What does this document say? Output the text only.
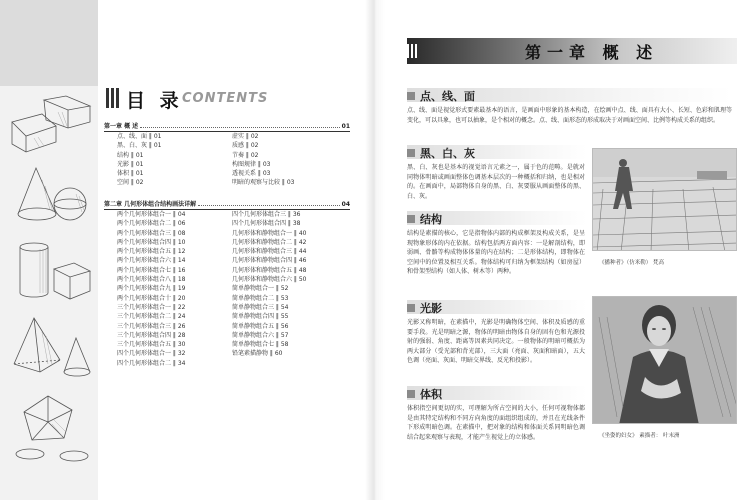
目 录 CONTENTS
第一章 概 述	01
点、线、面 ‖ 01
黑、白、灰 ‖ 01
结构 ‖ 01
光影 ‖ 01
体积 ‖ 01
空间 ‖ 02
虚实 ‖ 02
质感 ‖ 02
节奏 ‖ 02
构图规律 ‖ 03
透视关系 ‖ 03
明暗的观察与比较 ‖ 03
第二章 几何形体组合结构画法详解	04
两个几何形体组合一 ‖ 04
两个几何形体组合二 ‖ 06
两个几何形体组合三 ‖ 08
两个几何形体组合四 ‖ 10
两个几何形体组合五 ‖ 12
两个几何形体组合六 ‖ 14
两个几何形体组合七 ‖ 16
两个几何形体组合八 ‖ 18
两个几何形体组合九 ‖ 19
两个几何形体组合十 ‖ 20
三个几何形体组合一 ‖ 22
三个几何形体组合二 ‖ 24
三个几何形体组合三 ‖ 26
三个几何形体组合四 ‖ 28
三个几何形体组合五 ‖ 30
四个几何形体组合一 ‖ 32
四个几何形体组合二 ‖ 34
四个几何形体组合三 ‖ 36
四个几何形体组合四 ‖ 38
几何形体和静物组合一 ‖ 40
几何形体和静物组合二 ‖ 42
几何形体和静物组合三 ‖ 44
几何形体和静物组合四 ‖ 46
几何形体和静物组合五 ‖ 48
几何形体和静物组合六 ‖ 50
简单静物组合一 ‖ 52
简单静物组合二 ‖ 53
简单静物组合三 ‖ 54
简单静物组合四 ‖ 55
简单静物组合五 ‖ 56
简单静物组合六 ‖ 57
简单静物组合七 ‖ 58
铅笔素描静物 ‖ 60
第一章 概 述
点、线、面
点、线、面是视觉形式要素最基本的语言，是画面中形象的基本构造，在绘画中点、线、面具有大小、长短、色彩和肌理等变化，可以具象，也可以抽象，是个相对的概念。点、线、面形态的形成取决于对画面空间、比例等构成关系的组织。
黑、白、灰
黑、白、灰也是基本的视觉语言元素之一，属于色的范畴。是就对同物体明暗或画面整体色调基本层次的一种概括和归纳，也是相对的。在画面中，局部物体自身的黑、白、灰要服从画面整体的黑、白、灰。
结构
结构是素描的核心，它是指物体内部的构成框架及构成关系，是呈现物象形体的内在依据。结构包括两方面内容：一是解剖结构，即弱画、骨骼等构成物体体量的内在结构；二是形体结构，即物体在空间中的位置及相互关系。物体结构可归纳为框架结构（如房屋）和骨架型结构（如人体、树木等）两种。
光影
光影又称明暗，在素描中，光影是明确物体空间、体积及质感的重要手段。光是明暗之源，物体的明暗由物体自身的固有色和光源投射的强弱、角度、距离等因素共同决定。一般物体的明暗可概括为两大部分（受光部和背光部），三大面（亮面、灰面和暗面），五大色调（亮面、灰面、明暗交界线、反光和投影）。
体积
体积指空间更切的实，可理解为所占空间的大小，任何可视物体都是由其特定结构和不同方向角度的面组织组成的，并且在光线条件下形成明暗色调。在素描中，把对象的结构和体面关系同明暗色调结合起来观察与表现，才能产生视觉上的立体感。
《播种者》（仿米勒） 梵高
《坐姿的妇女》 素描者： 叶末洲
